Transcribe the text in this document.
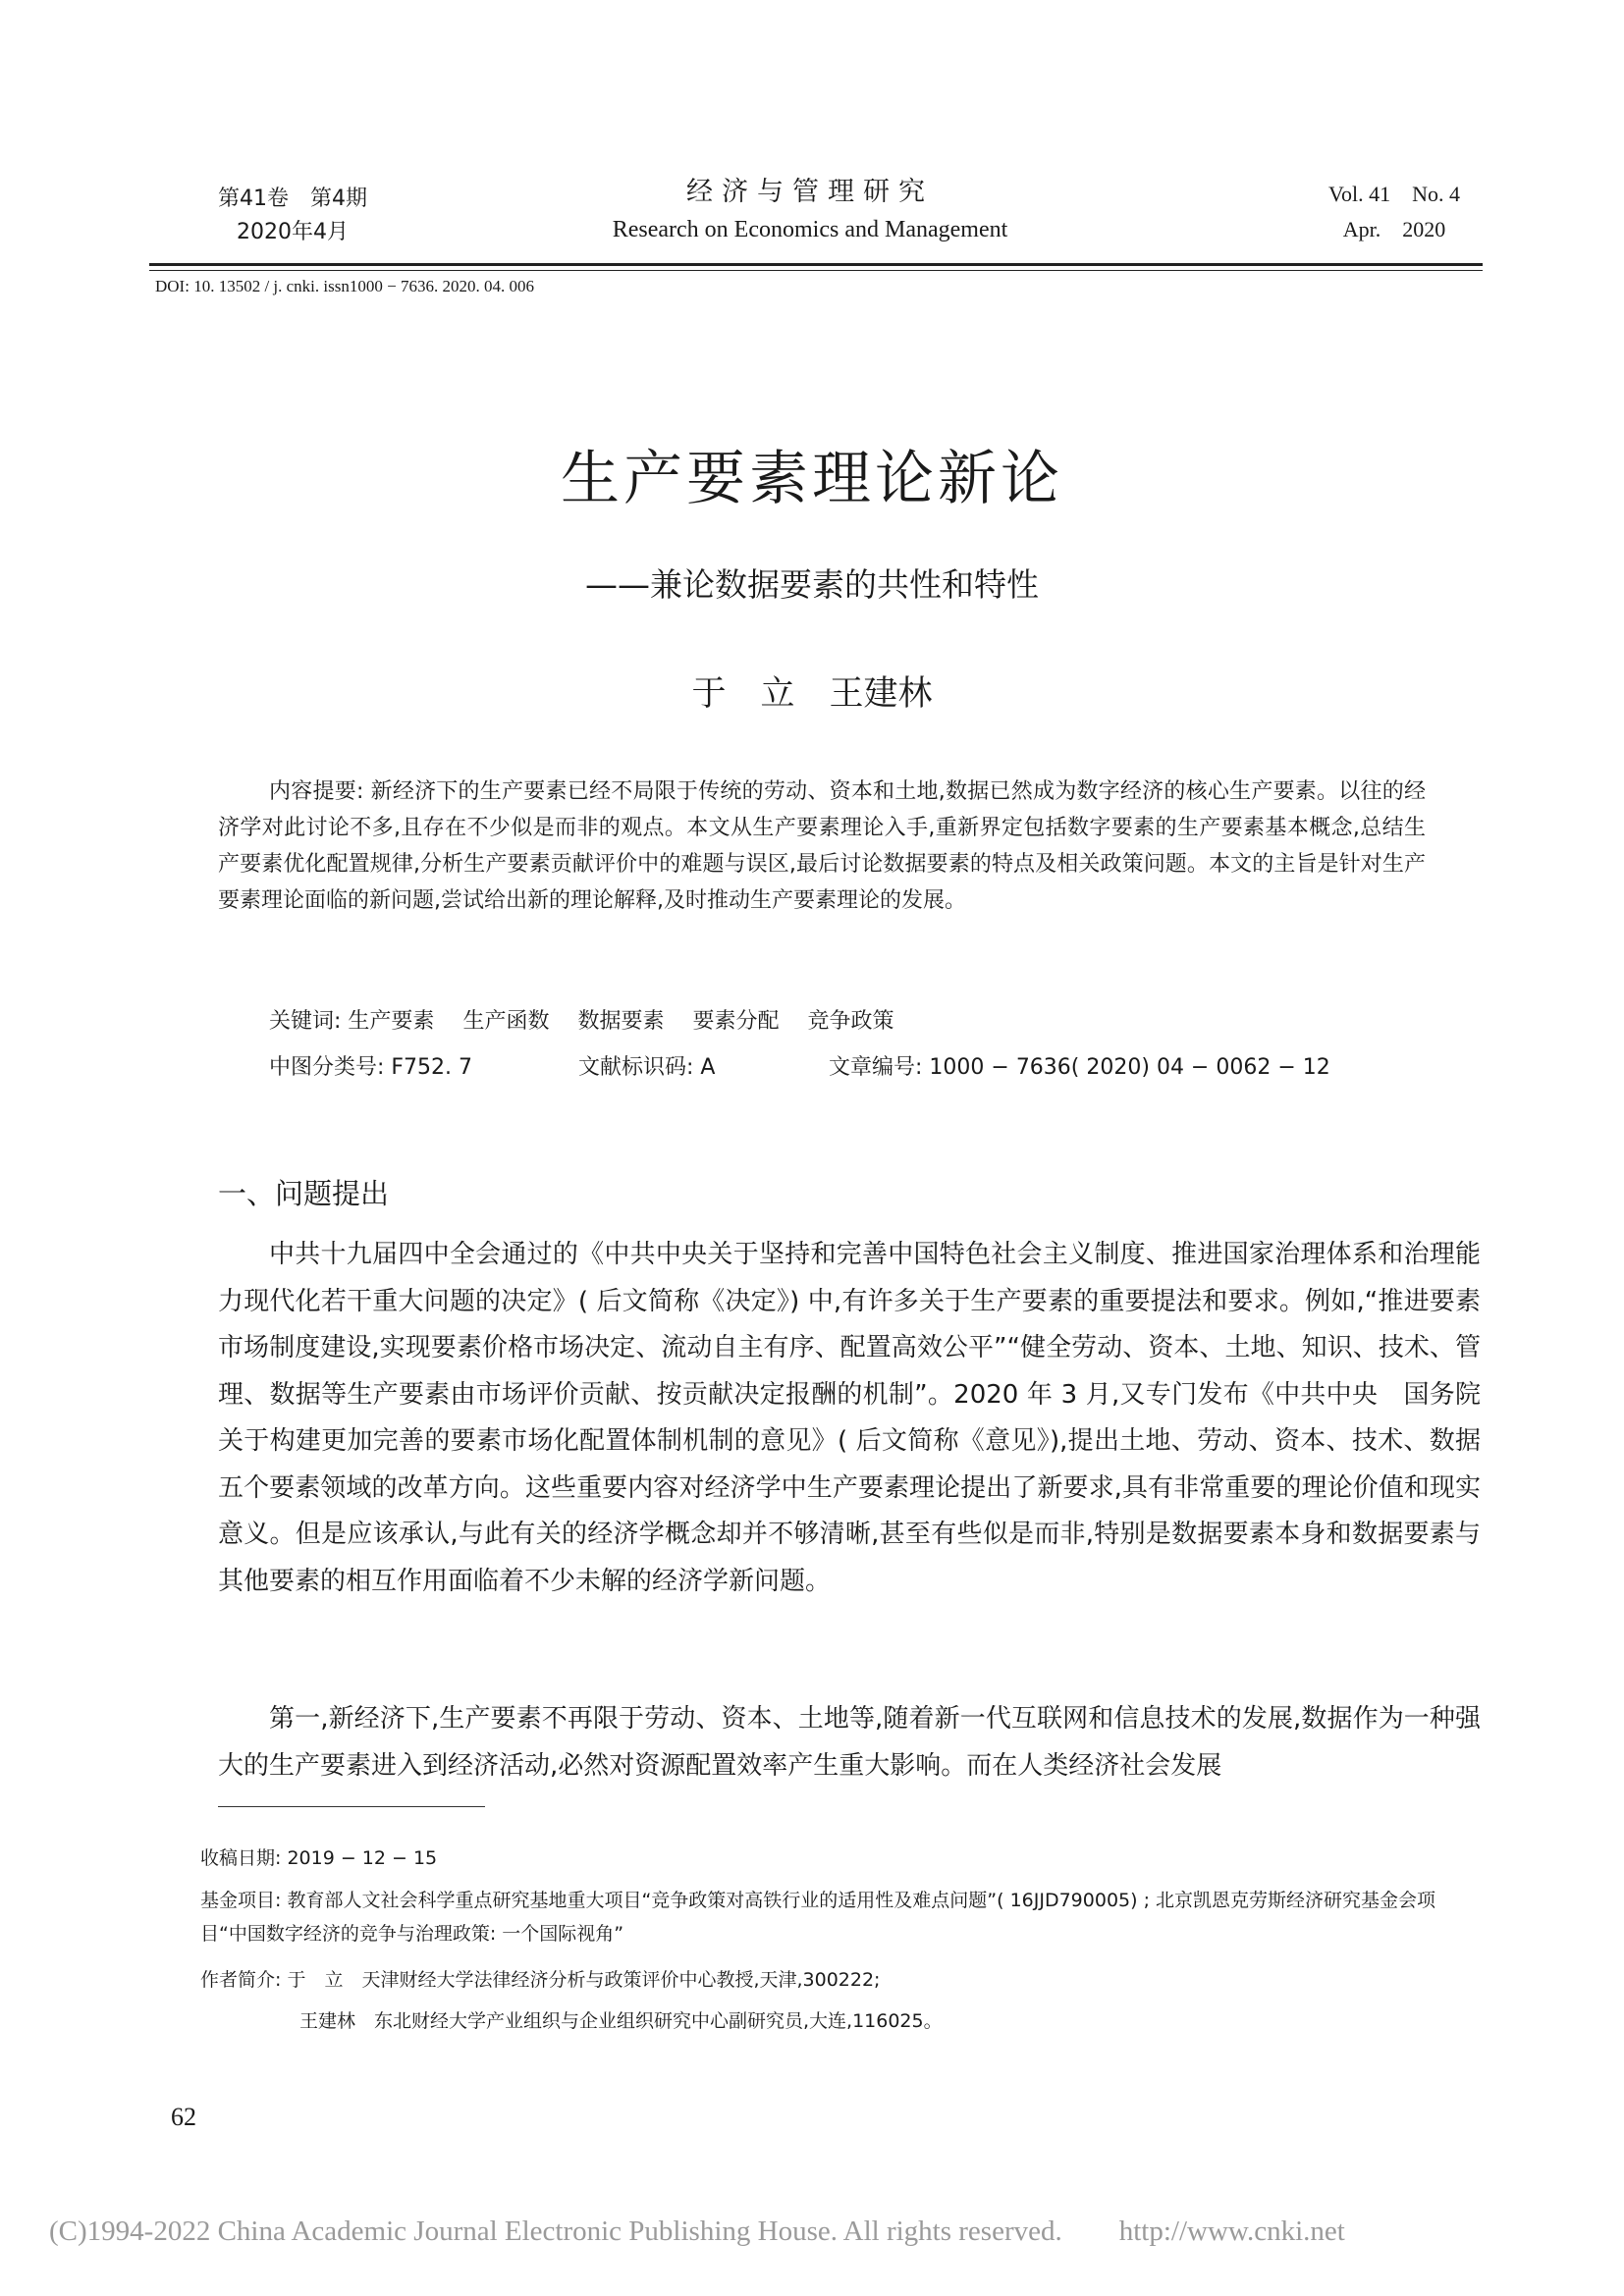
第41卷　第4期
2020年4月
经济与管理研究
Research on Economics and Management
Vol. 41　No. 4
Apr.　2020
DOI: 10. 13502 / j. cnki. issn1000 − 7636. 2020. 04. 006
生产要素理论新论
——兼论数据要素的共性和特性
于　立　王建林

内容提要: 新经济下的生产要素已经不局限于传统的劳动、资本和土地,数据已然成为数字经济的核心生产要素。以往的经济学对此讨论不多,且存在不少似是而非的观点。本文从生产要素理论入手,重新界定包括数字要素的生产要素基本概念,总结生产要素优化配置规律,分析生产要素贡献评价中的难题与误区,最后讨论数据要素的特点及相关政策问题。本文的主旨是针对生产要素理论面临的新问题,尝试给出新的理论解释,及时推动生产要素理论的发展。

关键词: 生产要素 生产函数 数据要素 要素分配 竞争政策
中图分类号: F752. 7	文献标识码: A	文章编号: 1000 − 7636( 2020) 04 − 0062 − 12
一、问题提出

中共十九届四中全会通过的《中共中央关于坚持和完善中国特色社会主义制度、推进国家治理体系和治理能力现代化若干重大问题的决定》( 后文简称《决定》) 中,有许多关于生产要素的重要提法和要求。例如,“推进要素市场制度建设,实现要素价格市场决定、流动自主有序、配置高效公平”“健全劳动、资本、土地、知识、技术、管理、数据等生产要素由市场评价贡献、按贡献决定报酬的机制”。2020 年 3 月,又专门发布《中共中央　国务院关于构建更加完善的要素市场化配置体制机制的意见》( 后文简称《意见》),提出土地、劳动、资本、技术、数据五个要素领域的改革方向。这些重要内容对经济学中生产要素理论提出了新要求,具有非常重要的理论价值和现实意义。但是应该承认,与此有关的经济学概念却并不够清晰,甚至有些似是而非,特别是数据要素本身和数据要素与其他要素的相互作用面临着不少未解的经济学新问题。

第一,新经济下,生产要素不再限于劳动、资本、土地等,随着新一代互联网和信息技术的发展,数据作为一种强大的生产要素进入到经济活动,必然对资源配置效率产生重大影响。而在人类经济社会发展

收稿日期: 2019 − 12 − 15

基金项目: 教育部人文社会科学重点研究基地重大项目“竞争政策对高铁行业的适用性及难点问题”( 16JJD790005) ; 北京凯恩克劳斯经济研究基金会项目“中国数字经济的竞争与治理政策: 一个国际视角”

作者简介: 于　立　天津财经大学法律经济分析与政策评价中心教授,天津,300222;

王建林　东北财经大学产业组织与企业组织研究中心副研究员,大连,116025。

62
(C)1994-2022 China Academic Journal Electronic Publishing House. All rights reserved.　　http://www.cnki.net
